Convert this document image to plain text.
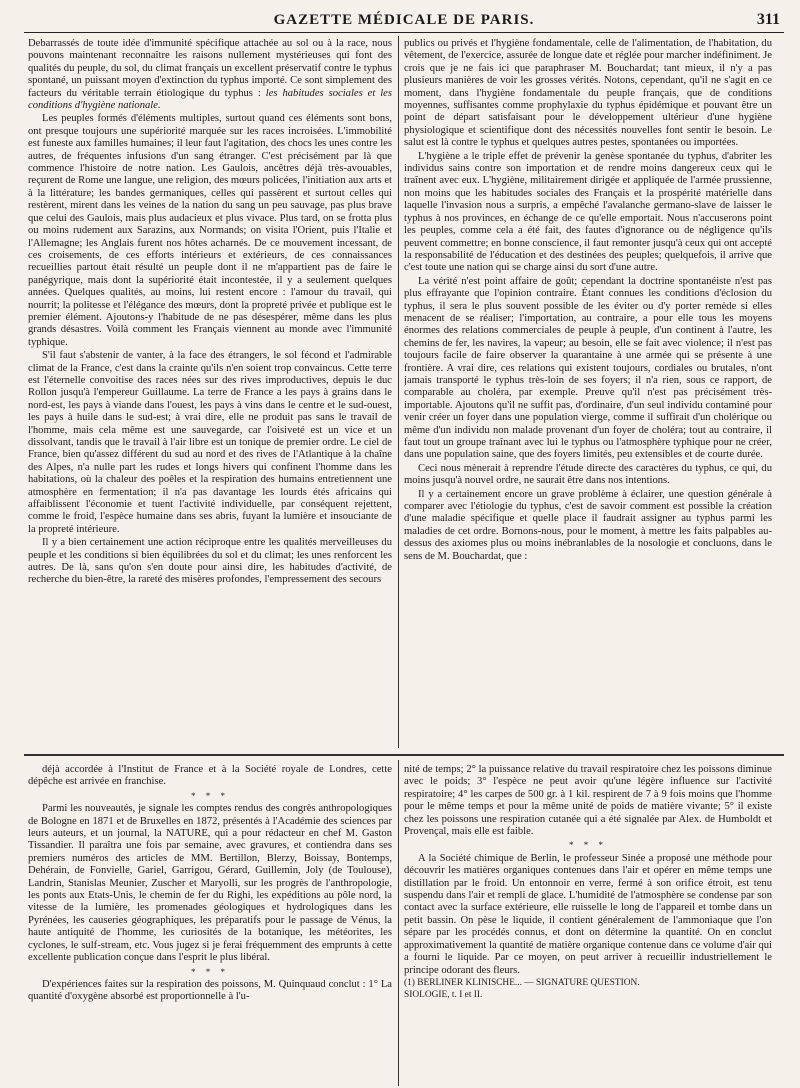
GAZETTE MÉDICALE DE PARIS.	311

Debarrassés de toute idée d'immunité spécifique attachée au sol ou à la race, nous pouvons maintenant reconnaître les raisons nullement mystérieuses qui font des qualités du peuple, du sol, du climat français un excellent préservatif contre le typhus spontané, un puissant moyen d'extinction du typhus importé. Ce sont simplement des facteurs du véritable terrain étiologique du typhus : les habitudes sociales et les conditions d'hygiène nationale.

Les peuples formés d'éléments multiples, surtout quand ces éléments sont bons, ont presque toujours une supériorité marquée sur les races incroisées. L'immobilité est funeste aux familles humaines; il leur faut l'agitation, des chocs les unes contre les autres, de fréquentes infusions d'un sang étranger. C'est précisément par là que commence l'histoire de notre nation. Les Gaulois, ancêtres déjà très-avouables, reçurent de Rome une langue, une religion, des mœurs policées, l'initiation aux arts et à la littérature; les bandes germaniques, celles qui passèrent et surtout celles qui restèrent, mirent dans les veines de la nation du sang un peu sauvage, pas plus brave que celui des Gaulois, mais plus audacieux et plus vivace. Plus tard, on se frotta plus ou moins rudement aux Sarazins, aux Normands; on visita l'Orient, puis l'Italie et l'Allemagne; les Anglais furent nos hôtes acharnés. De ce mouvement incessant, de ces croisements, de ces efforts intérieurs et extérieurs, de ces connaissances recueillies partout était résulté un peuple dont il ne m'appartient pas de faire le panégyrique, mais dont la supériorité était incontestée, il y a seulement quelques années. Quelques qualités, au moins, lui restent encore : l'amour du travail, qui nourrit; la politesse et l'élégance des mœurs, dont la propreté privée et publique est le premier élément. Ajoutons-y l'habitude de ne pas désespérer, même dans les plus grands désastres. Voilà comment les Français viennent au monde avec l'immunité typhique.

S'il faut s'abstenir de vanter, à la face des étrangers, le sol fécond et l'admirable climat de la France, c'est dans la crainte qu'ils n'en soient trop convaincus. Cette terre est l'éternelle convoitise des races nées sur des rives improductives, depuis le duc Rollon jusqu'à l'empereur Guillaume. La terre de France a les pays à grains dans le nord-est, les pays à viande dans l'ouest, les pays à vins dans le centre et le sud-ouest, les pays à huile dans le sud-est; à vrai dire, elle ne produit pas sans le travail de l'homme, mais cela même est une sauvegarde, car l'oisiveté est un vice et un dissolvant, tandis que le travail à l'air libre est un tonique de premier ordre. Le ciel de France, bien qu'assez différent du sud au nord et des rives de l'Atlantique à la chaîne des Alpes, n'a nulle part les rudes et longs hivers qui confinent l'homme dans les habitations, où la chaleur des poêles et la respiration des humains entretiennent une atmosphère en fermentation; il n'a pas davantage les lourds étés africains qui affaiblissent l'économie et tuent l'activité individuelle, par conséquent rejettent, comme le froid, l'espèce humaine dans ses abris, fuyant la lumière et insouciante de la propreté intérieure.

Il y a bien certainement une action réciproque entre les qualités merveilleuses du peuple et les conditions si bien équilibrées du sol et du climat; les unes renforcent les autres. De là, sans qu'on s'en doute pour ainsi dire, les habitudes d'activité, de recherche du bien-être, la rareté des misères profondes, l'empressement des secours

publics ou privés et l'hygiène fondamentale, celle de l'alimentation, de l'habitation, du vêtement, de l'exercice, assurée de longue date et réglée pour marcher indéfiniment. Je crois que je ne fais ici que paraphraser M. Bouchardat; tant mieux, il n'y a pas plusieurs manières de voir les grosses vérités. Notons, cependant, qu'il ne s'agit en ce moment, dans l'hygiène fondamentale du peuple français, que de conditions moyennes, suffisantes comme prophylaxie du typhus épidémique et pouvant être un point de départ satisfaisant pour le développement ultérieur d'une hygiène physiologique et scientifique dont des nécessités nouvelles font sentir le besoin. Le salut est là contre le typhus et quelques autres pestes, spontanées ou importées.

L'hygiène a le triple effet de prévenir la genèse spontanée du typhus, d'abriter les individus sains contre son importation et de rendre moins dangereux ceux qui le traînent avec eux. L'hygiène, militairement dirigée et appliquée de l'armée prussienne, non moins que les habitudes sociales des Français et la prospérité matérielle dans laquelle l'invasion nous a surpris, a empêché l'avalanche germano-slave de laisser le typhus à nos provinces, en échange de ce qu'elle emportait. Nous n'accuserons point les peuples, comme cela a été fait, des fautes d'ignorance ou de négligence qu'ils peuvent commettre; en bonne conscience, il faut remonter jusqu'à ceux qui ont accepté la responsabilité de l'éducation et des destinées des peuples; quelquefois, il arrive que c'est toute une nation qui se charge ainsi du sort d'une autre.

La vérité n'est point affaire de goût; cependant la doctrine spontanéiste n'est pas plus effrayante que l'opinion contraire. Étant connues les conditions d'éclosion du typhus, il sera le plus souvent possible de les éviter ou d'y porter remède si elles menacent de se réaliser; l'importation, au contraire, a pour elle tous les moyens énormes des relations commerciales de peuple à peuple, d'un continent à l'autre, les chemins de fer, les navires, la vapeur; au besoin, elle se fait avec violence; il n'est pas toujours facile de faire observer la quarantaine à une armée qui se présente à une frontière. A vrai dire, ces relations qui existent toujours, cordiales ou brutales, n'ont jamais transporté le typhus très-loin de ses foyers; il n'a rien, sous ce rapport, de comparable au choléra, par exemple. Preuve qu'il n'est pas précisément très-importable. Ajoutons qu'il ne suffit pas, d'ordinaire, d'un seul individu contaminé pour venir créer un foyer dans une population vierge, comme il suffirait d'un cholérique ou même d'un individu non malade provenant d'un foyer de choléra; tout au contraire, il faut tout un groupe traînant avec lui le typhus ou l'atmosphère typhique pour ne créer, dans une population saine, que des foyers limités, peu extensibles et de courte durée.

Ceci nous mènerait à reprendre l'étude directe des caractères du typhus, ce qui, du moins jusqu'à nouvel ordre, ne saurait être dans nos intentions.

Il y a certainement encore un grave problème à éclairer, une question générale à comparer avec l'étiologie du typhus, c'est de savoir comment est possible la création d'une maladie spécifique et quelle place il faudrait assigner au typhus parmi les maladies de cet ordre. Bornons-nous, pour le moment, à mettre les faits palpables au-dessus des axiomes plus ou moins inébranlables de la nosologie et concluons, dans le sens de M. Bouchardat, que :

déjà accordée à l'Institut de France et à la Société royale de Londres, cette dépêche est arrivée en franchise.

* * *

Parmi les nouveautés, je signale les comptes rendus des congrès anthropologiques de Bologne en 1871 et de Bruxelles en 1872, présentés à l'Académie des sciences par leurs auteurs, et un journal, la NATURE, qui a pour rédacteur en chef M. Gaston Tissandier. Il paraîtra une fois par semaine, avec gravures, et contiendra dans ses premiers numéros des articles de MM. Bertillon, Blerzy, Boissay, Bontemps, Dehérain, de Fonvielle, Gariel, Garrigou, Gérard, Guillemin, Joly (de Toulouse), Landrin, Stanislas Meunier, Zuscher et Maryolli, sur les progrès de l'anthropologie, les ponts aux Etats-Unis, le chemin de fer du Righi, les expéditions au pôle nord, la vitesse de la lumière, les promenades géologiques et hydrologiques dans les Pyrénées, les causeries géographiques, les préparatifs pour le passage de Vénus, la haute antiquité de l'homme, les curiosités de la botanique, les météorites, les cyclones, le sulf-stream, etc. Vous jugez si je ferai fréquemment des emprunts à cette excellente publication conçue dans l'esprit le plus libéral.

* * *

D'expériences faites sur la respiration des poissons, M. Quinquaud conclut : 1° La quantité d'oxygène absorbé est proportionnelle à l'u-

nité de temps; 2° la puissance relative du travail respiratoire chez les poissons diminue avec le poids; 3° l'espèce ne peut avoir qu'une légère influence sur l'activité respiratoire; 4° les carpes de 500 gr. à 1 kil. respirent de 7 à 9 fois moins que l'homme pour le même temps et pour la même unité de poids de matière vivante; 5° il existe chez les poissons une respiration cutanée qui a été signalée par Alex. de Humboldt et Provençal, mais elle est faible.

* * *

A la Société chimique de Berlin, le professeur Sinée a proposé une méthode pour découvrir les matières organiques contenues dans l'air et opérer en même temps une distillation par le froid. Un entonnoir en verre, fermé à son orifice étroit, est tenu suspendu dans l'air et rempli de glace. L'humidité de l'atmosphère se condense par son contact avec la surface extérieure, elle ruisselle le long de l'appareil et tombe dans un petit bassin. On pèse le liquide, il contient généralement de l'ammoniaque que l'on sépare par les procédés connus, et dont on détermine la quantité. On en conclut approximativement la quantité de matière organique contenue dans ce volume d'air qui a fourni le liquide. Par ce moyen, on peut arriver à recueillir industriellement le principe odorant des fleurs.

(1) BERLINER KLINISCHE... — SIGNATURE QUESTION.

SIOLOGIE, t. I et II.
